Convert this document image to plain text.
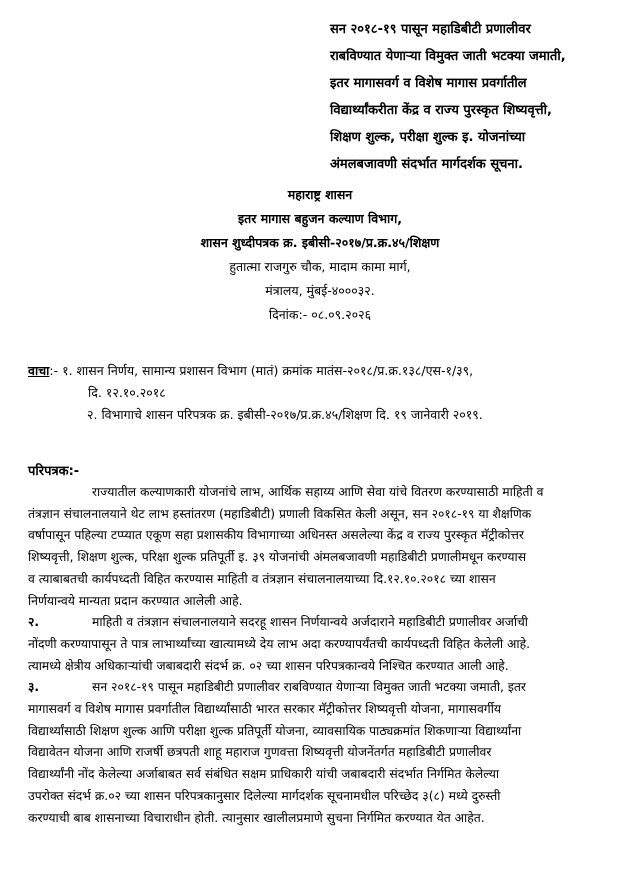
सन २०१८-१९ पासून महाडिबीटी प्रणालीवर
राबविण्यात येणाऱ्या विमुक्त जाती भटक्या जमाती,
इतर मागासवर्ग व विशेष मागास प्रवर्गातील
विद्यार्थ्यांकरीता केंद्र व राज्य पुरस्कृत शिष्यवृत्ती,
शिक्षण शुल्क, परीक्षा शुल्क इ. योजनांच्या
अंमलबजावणी संदर्भात मार्गदर्शक सूचना.
महाराष्ट्र शासन
इतर मागास बहुजन कल्याण विभाग,
शासन शुध्दीपत्रक क्र. इबीसी-२०१७/प्र.क्र.४५/शिक्षण
हुतात्मा राजगुरु चौक, मादाम कामा मार्ग,
मंत्रालय, मुंबई-४०००३२.
दिनांक:- ०८.०९.२०२६
वाचा:- १. शासन निर्णय, सामान्य प्रशासन विभाग (मातं) क्रमांक मातंस-२०१८/प्र.क्र.१३८/एस-१/३९,
दि. १२.१०.२०१८
२. विभागाचे शासन परिपत्रक क्र. इबीसी-२०१७/प्र.क्र.४५/शिक्षण दि. १९ जानेवारी २०१९.
परिपत्रक:-
राज्यातील कल्याणकारी योजनांचे लाभ, आर्थिक सहाय्य आणि सेवा यांचे वितरण करण्यासाठी माहिती व
तंत्रज्ञान संचालनालयाने थेट लाभ हस्तांतरण (महाडिबीटी) प्रणाली विकसित केली असून, सन २०१८-१९ या शैक्षणिक
वर्षापासून पहिल्या टप्प्यात एकूण सहा प्रशासकीय विभागाच्या अधिनस्त असलेल्या केंद्र व राज्य पुरस्कृत मॅट्रीकोत्तर
शिष्यवृत्ती, शिक्षण शुल्क, परिक्षा शुल्क प्रतिपूर्ती इ. ३९ योजनांची अंमलबजावणी महाडिबीटी प्रणालीमधून करण्यास
व त्याबाबतची कार्यपध्दती विहित करण्यास माहिती व तंत्रज्ञान संचालनालयाच्या दि.१२.१०.२०१८ च्या शासन
निर्णयान्वये मान्यता प्रदान करण्यात आलेली आहे.
२.	माहिती व तंत्रज्ञान संचालनालयाने सदरहू शासन निर्णयान्वये अर्जदाराने महाडिबीटी प्रणालीवर अर्जाची
नोंदणी करण्यापासून ते पात्र लाभार्थ्यांच्या खात्यामध्ये देय लाभ अदा करण्यापर्यंतची कार्यपध्दती विहित केलेली आहे.
त्यामध्ये क्षेत्रीय अधिकाऱ्यांची जबाबदारी संदर्भ क्र. ०२ च्या शासन परिपत्रकान्वये निश्चित करण्यात आली आहे.
३.	सन २०१८-१९ पासून महाडिबीटी प्रणालीवर राबविण्यात येणाऱ्या विमुक्त जाती भटक्या जमाती, इतर
मागासवर्ग व विशेष मागास प्रवर्गातील विद्यार्थ्यांसाठी भारत सरकार मॅट्रीकोत्तर शिष्यवृत्ती योजना, मागासवर्गीय
विद्यार्थ्यांसाठी शिक्षण शुल्क आणि परीक्षा शुल्क प्रतिपूर्ती योजना, व्यावसायिक पाठ्यक्रमांत शिकणाऱ्या विद्यार्थ्यांना
विद्यावेतन योजना आणि राजर्षी छत्रपती शाहू महाराज गुणवत्ता शिष्यवृत्ती योजनेंतर्गत महाडिबीटी प्रणालीवर
विद्यार्थ्यांनी नोंद केलेल्या अर्जाबाबत सर्व संबंधित सक्षम प्राधिकारी यांची जबाबदारी संदर्भात निर्गमित केलेल्या
उपरोक्त संदर्भ क्र.०२ च्या शासन परिपत्रकानुसार दिलेल्या मार्गदर्शक सूचनामधील परिच्छेद ३(८) मध्ये दुरुस्ती
करण्याची बाब शासनाच्या विचाराधीन होती. त्यानुसार खालीलप्रमाणे सुचना निर्गमित करण्यात येत आहेत.
